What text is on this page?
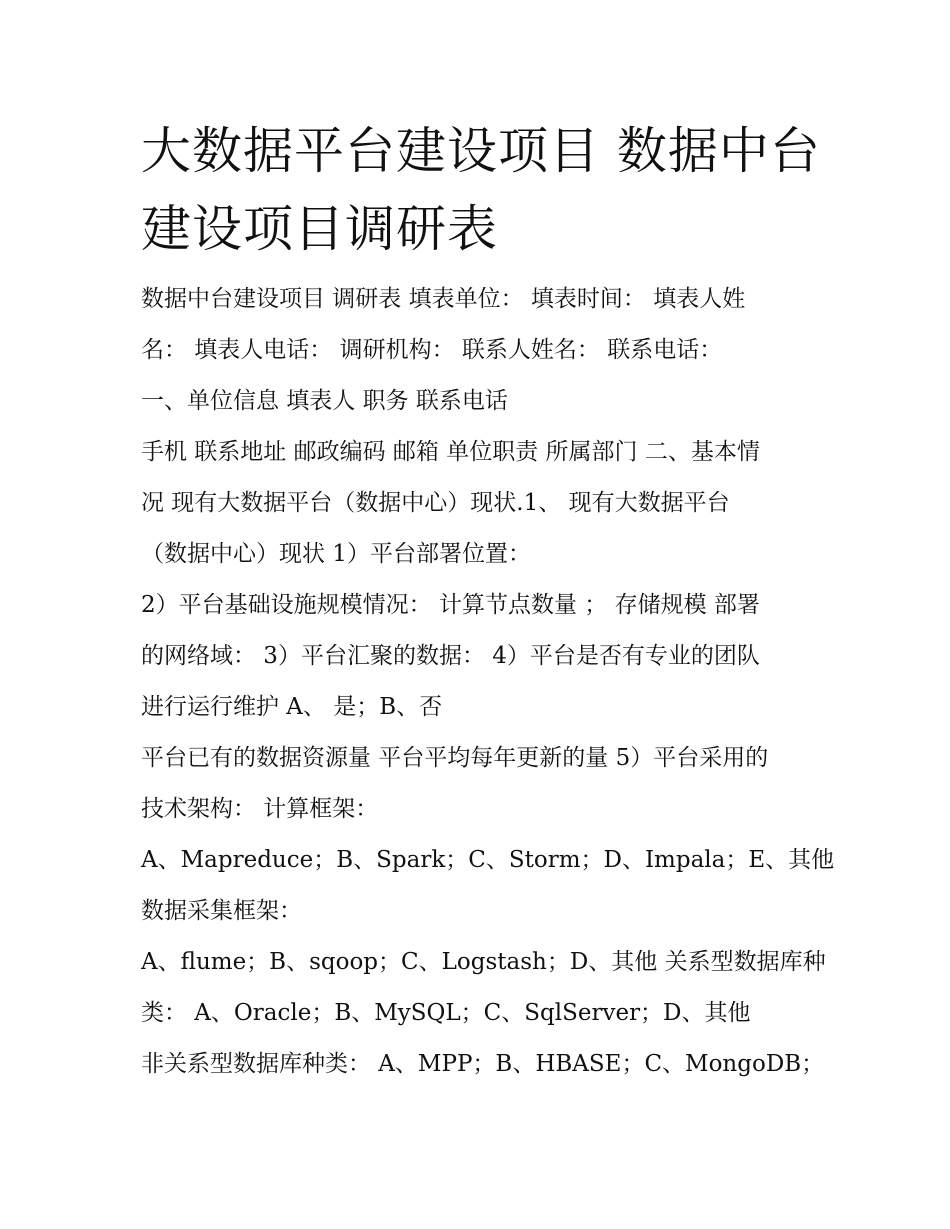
大数据平台建设项目 数据中台
建设项目调研表
数据中台建设项目 调研表 填表单位： 填表时间： 填表人姓
名： 填表人电话： 调研机构： 联系人姓名： 联系电话：
一、单位信息 填表人 职务 联系电话
手机 联系地址 邮政编码 邮箱 单位职责 所属部门 二、基本情
况 现有大数据平台（数据中心）现状.1、 现有大数据平台
（数据中心）现状 1）平台部署位置：
2）平台基础设施规模情况： 计算节点数量 ； 存储规模 部署
的网络域： 3）平台汇聚的数据： 4）平台是否有专业的团队
进行运行维护 A、 是；B、否
平台已有的数据资源量 平台平均每年更新的量 5）平台采用的
技术架构： 计算框架：
A、Mapreduce；B、Spark；C、Storm；D、Impala；E、其他
数据采集框架：
A、flume；B、sqoop；C、Logstash；D、其他 关系型数据库种
类： A、Oracle；B、MySQL；C、SqlServer；D、其他
非关系型数据库种类： A、MPP；B、HBASE；C、MongoDB；
